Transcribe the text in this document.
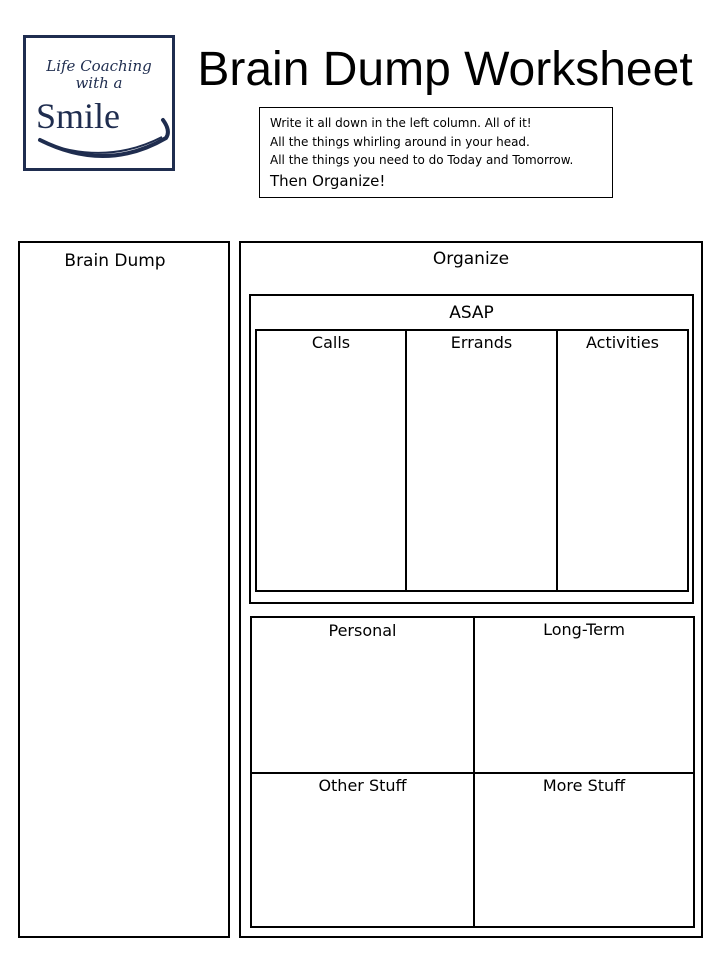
Life Coaching
with a
Smile
Brain Dump Worksheet
Write it all down in the left column. All of it!
All the things whirling around in your head.
All the things you need to do Today and Tomorrow.
Then Organize!
Brain Dump	Organize
ASAP
Calls	Errands	Activities
Personal	Long-Term
Other Stuff	More Stuff
